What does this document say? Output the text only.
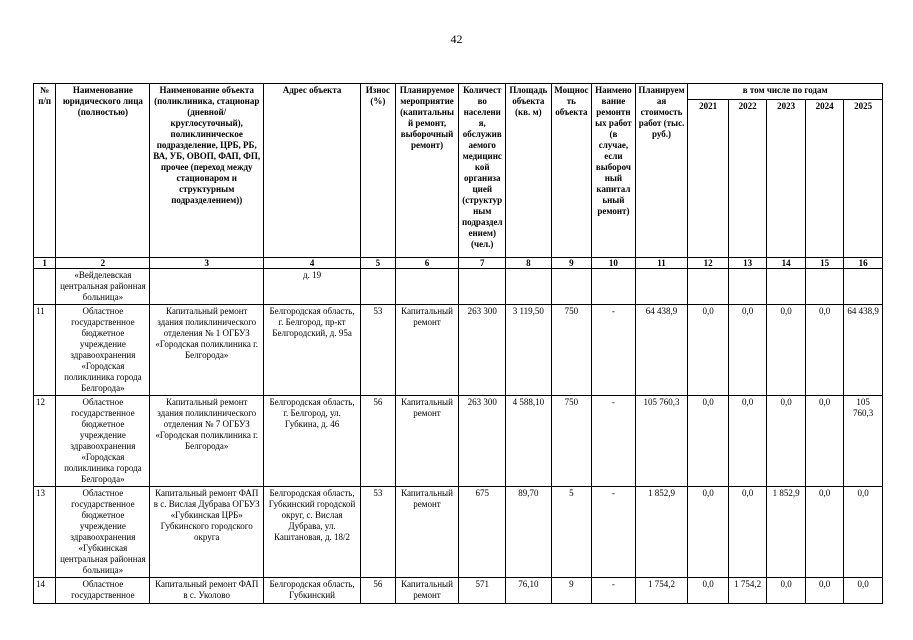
42
№ п/п	Наименование юридического лица (полностью)	Наименование объекта (поликлиника, стационар (дневной/ круглосуточный), поликлиническое подразделение, ЦРБ, РБ, ВА, УБ, ОВОП, ФАП, ФП, прочее (переход между стационаром и структурным подразделением))	Адрес объекта	Износ (%)	Планируемое мероприятие (капитальный ремонт, выборочный ремонт)	Количество населения, обслуживаемого медицинской организацией (структурным подразделением) (чел.)	Площадь объекта (кв. м)	Мощность объекта	Наименование ремонтных работ (в случае, если выборочный капитальный ремонт)	Планируемая стоимость работ (тыс. руб.)	в том числе по годам				
											2021	2022	2023	2024	2025
1	2	3	4	5	6	7	8	9	10	11	12	13	14	15	16
	«Вейделевская центральная районная больница»		д. 19												
11	Областное государственное бюджетное учреждение здравоохранения «Городская поликлиника города Белгорода»	Капитальный ремонт здания поликлинического отделения № 1 ОГБУЗ «Городская поликлиника г. Белгорода»	Белгородская область, г. Белгород, пр-кт Белгородский, д. 95а	53	Капитальный ремонт	263 300	3 119,50	750	-	64 438,9	0,0	0,0	0,0	0,0	64 438,9
12	Областное государственное бюджетное учреждение здравоохранения «Городская поликлиника города Белгорода»	Капитальный ремонт здания поликлинического отделения № 7 ОГБУЗ «Городская поликлиника г. Белгорода»	Белгородская область, г. Белгород, ул. Губкина, д. 46	56	Капитальный ремонт	263 300	4 588,10	750	-	105 760,3	0,0	0,0	0,0	0,0	105 760,3
13	Областное государственное бюджетное учреждение здравоохранения «Губкинская центральная районная больница»	Капитальный ремонт ФАП в с. Вислая Дубрава ОГБУЗ «Губкинская ЦРБ» Губкинского городского округа	Белгородская область, Губкинский городской округ, с. Вислая Дубрава, ул. Каштановая, д. 18/2	53	Капитальный ремонт	675	89,70	5	-	1 852,9	0,0	0,0	1 852,9	0,0	0,0
14	Областное государственное	Капитальный ремонт ФАП в с. Уколово	Белгородская область, Губкинский	56	Капитальный ремонт	571	76,10	9	-	1 754,2	0,0	1 754,2	0,0	0,0	0,0
